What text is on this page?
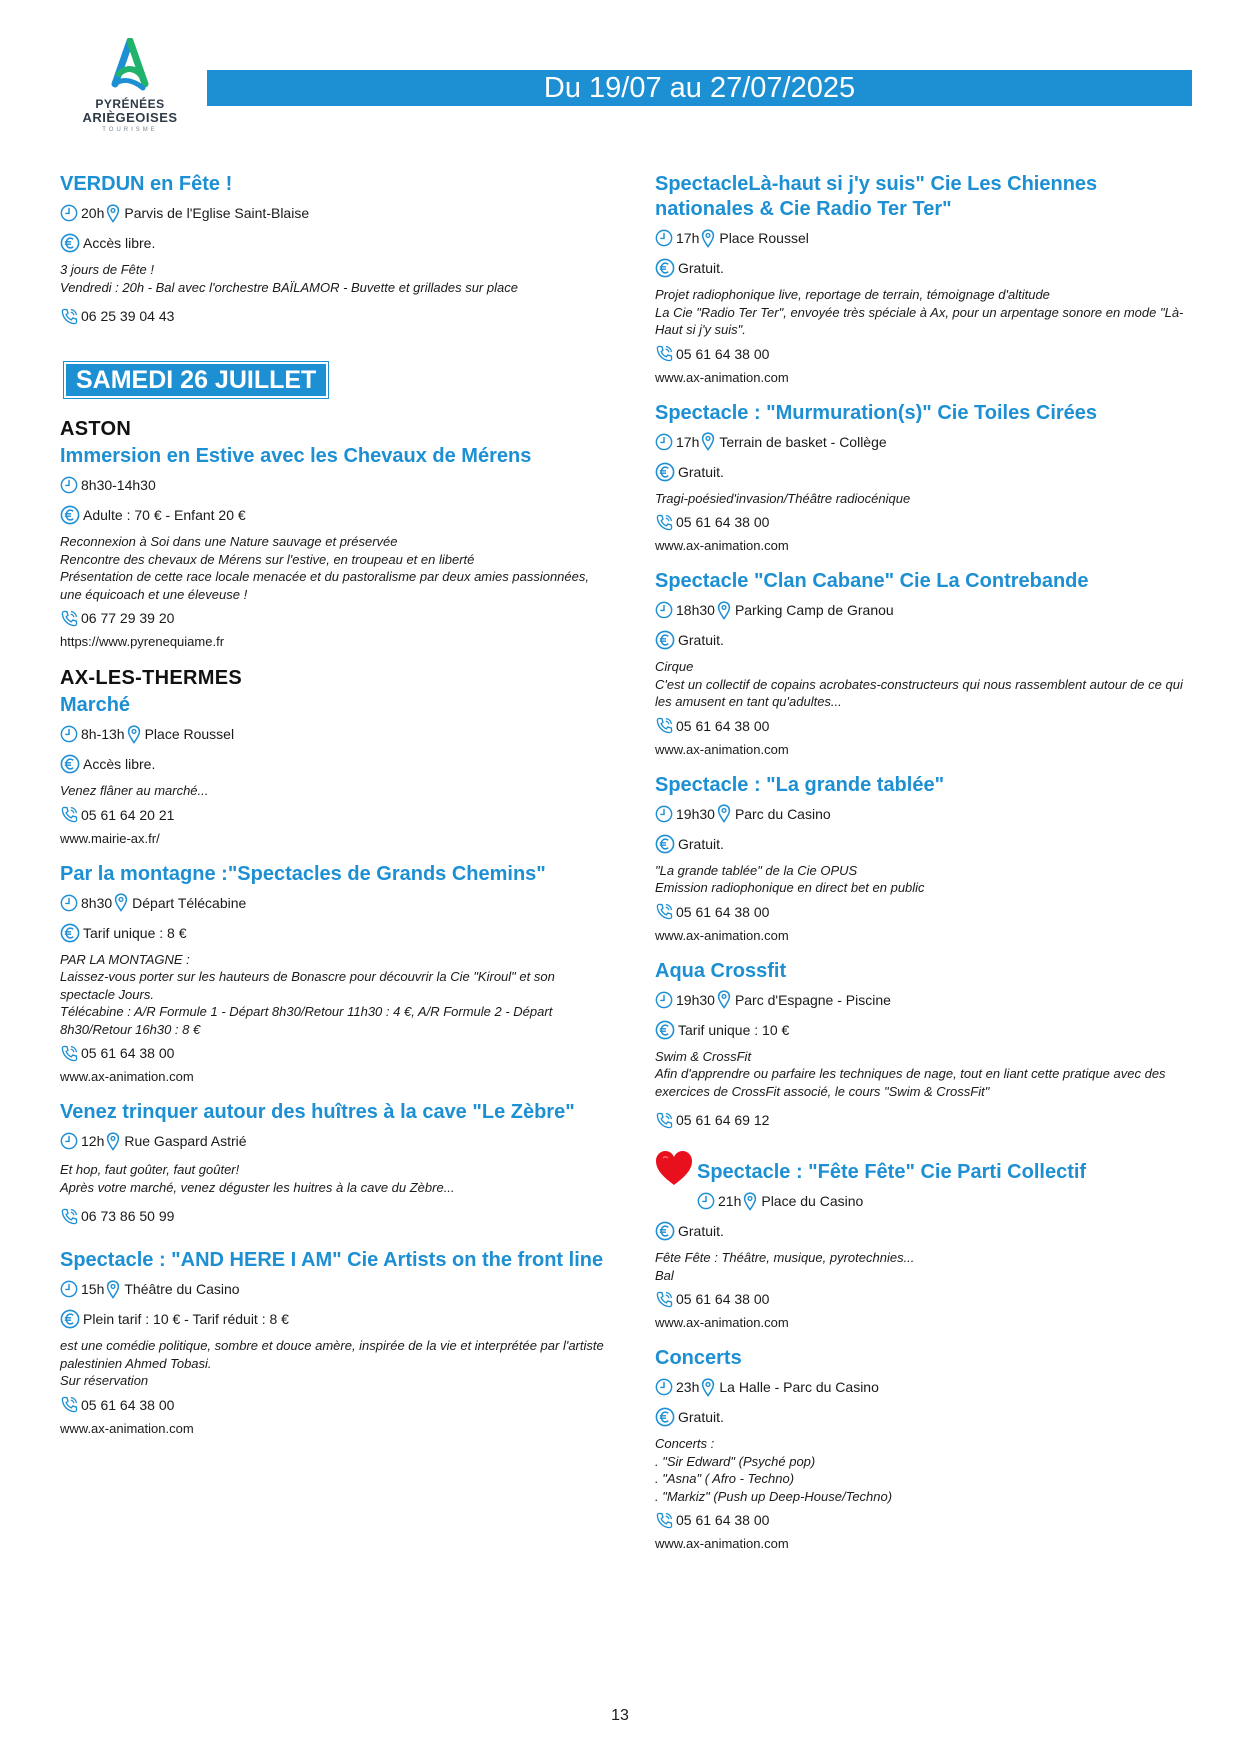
PYRÉNÉES
ARIÈGEOISES
TOURISME
Du 19/07 au 27/07/2025
VERDUN en Fête !
20h Parvis de l'Eglise Saint-Blaise
Accès libre.
3 jours de Fête !
Vendredi : 20h - Bal avec l'orchestre BAÏLAMOR - Buvette et grillades sur place
06 25 39 04 43
SAMEDI 26 JUILLET
ASTON
Immersion en Estive avec les Chevaux de Mérens
8h30-14h30
Adulte : 70 € - Enfant 20 €
Reconnexion à Soi dans une Nature sauvage et préservée
Rencontre des chevaux de Mérens sur l'estive, en troupeau et en liberté
Présentation de cette race locale menacée et du pastoralisme par deux amies passionnées, une équicoach et une éleveuse !
06 77 29 39 20
https://www.pyrenequiame.fr
AX-LES-THERMES
Marché
8h-13h Place Roussel
Accès libre.
Venez flâner au marché...
05 61 64 20 21
www.mairie-ax.fr/
Par la montagne :"Spectacles de Grands Chemins"
8h30 Départ Télécabine
Tarif unique : 8 €
PAR LA MONTAGNE :
Laissez-vous porter sur les hauteurs de Bonascre pour découvrir la Cie "Kiroul" et son spectacle Jours.
Télécabine : A/R Formule 1 - Départ 8h30/Retour 11h30 : 4 €, A/R Formule 2 - Départ 8h30/Retour 16h30 : 8 €
05 61 64 38 00
www.ax-animation.com
Venez trinquer autour des huîtres à la cave "Le Zèbre"
12h Rue Gaspard Astrié
Et hop, faut goûter, faut goûter!
Après votre marché, venez déguster les huitres à la cave du Zèbre...
06 73 86 50 99
Spectacle : "AND HERE I AM" Cie Artists on the front line
15h Théâtre du Casino
Plein tarif : 10 € - Tarif réduit : 8 €
est une comédie politique, sombre et douce amère, inspirée de la vie et interprétée par l'artiste palestinien Ahmed Tobasi.
Sur réservation
05 61 64 38 00
www.ax-animation.com
SpectacleLà-haut si j'y suis" Cie Les Chiennes nationales & Cie Radio Ter Ter"
17h Place Roussel
Gratuit.
Projet radiophonique live, reportage de terrain, témoignage d'altitude
La Cie "Radio Ter Ter", envoyée très spéciale à Ax, pour un arpentage sonore en mode "Là-Haut si j'y suis".
05 61 64 38 00
www.ax-animation.com
Spectacle : "Murmuration(s)" Cie Toiles Cirées
17h Terrain de basket - Collège
Gratuit.
Tragi-poésied'invasion/Théâtre radiocénique
05 61 64 38 00
www.ax-animation.com
Spectacle "Clan Cabane" Cie La Contrebande
18h30 Parking Camp de Granou
Gratuit.
Cirque
C'est un collectif de copains acrobates-constructeurs qui nous rassemblent autour de ce qui les amusent en tant qu'adultes...
05 61 64 38 00
www.ax-animation.com
Spectacle : "La grande tablée"
19h30 Parc du Casino
Gratuit.
"La grande tablée" de la Cie OPUS
Emission radiophonique en direct bet en public
05 61 64 38 00
www.ax-animation.com
Aqua Crossfit
19h30 Parc d'Espagne - Piscine
Tarif unique : 10 €
Swim & CrossFit
Afin d'apprendre ou parfaire les techniques de nage, tout en liant cette pratique avec des exercices de CrossFit associé, le cours "Swim & CrossFit"
05 61 64 69 12
Spectacle : "Fête Fête" Cie Parti Collectif
21h Place du Casino
Gratuit.
Fête Fête : Théâtre, musique, pyrotechnies...
Bal
05 61 64 38 00
www.ax-animation.com
Concerts
23h La Halle - Parc du Casino
Gratuit.
Concerts :
. "Sir Edward" (Psyché pop)
. "Asna" ( Afro - Techno)
. "Markiz" (Push up Deep-House/Techno)
05 61 64 38 00
www.ax-animation.com
13
